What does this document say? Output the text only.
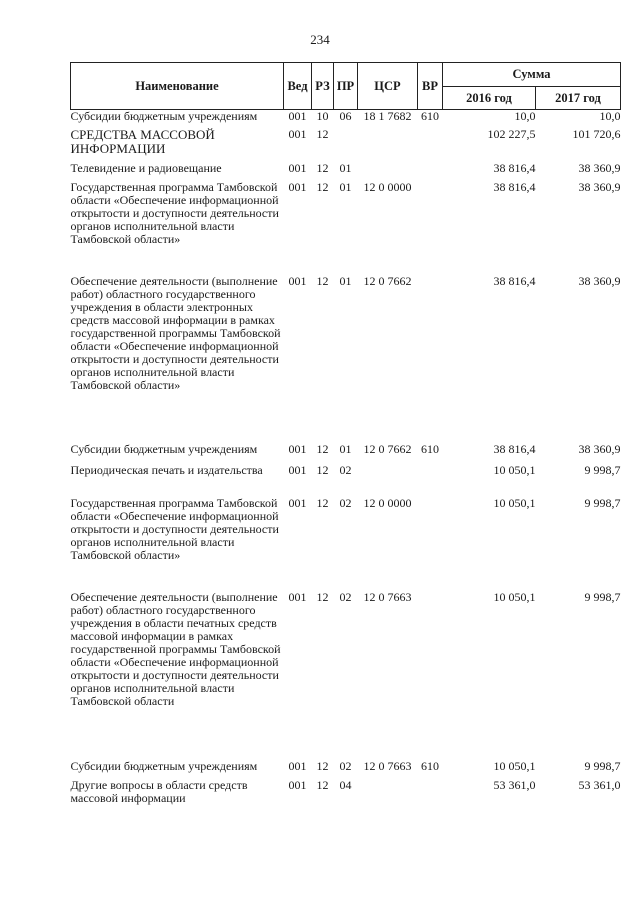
234
Наименование	Вед	РЗ	ПР	ЦСР	ВР	Сумма	
						2016 год	2017 год
Субсидии бюджетным учреждениям	001	10	06	18 1 7682	610	10,0	10,0
СРЕДСТВА МАССОВОЙ ИНФОРМАЦИИ	001	12				102 227,5	101 720,6
Телевидение и радиовещание	001	12	01			38 816,4	38 360,9
Государственная программа Тамбовской области «Обеспечение информационной открытости и доступности деятельности органов исполнительной власти Тамбовской области»	001	12	01	12 0 0000		38 816,4	38 360,9
Обеспечение деятельности (выполнение работ) областного государственного учреждения в области электронных средств массовой информации в рамках государственной программы Тамбовской области «Обеспечение информационной открытости и доступности деятельности органов исполнительной власти Тамбовской области»	001	12	01	12 0 7662		38 816,4	38 360,9
Субсидии бюджетным учреждениям	001	12	01	12 0 7662	610	38 816,4	38 360,9
Периодическая печать и издательства	001	12	02			10 050,1	9 998,7
Государственная программа Тамбовской области «Обеспечение информационной открытости и доступности деятельности органов исполнительной власти Тамбовской области»	001	12	02	12 0 0000		10 050,1	9 998,7
Обеспечение деятельности (выполнение работ) областного государственного учреждения в области печатных средств массовой информации в рамках государственной программы Тамбовской области «Обеспечение информационной открытости и доступности деятельности органов исполнительной власти Тамбовской области	001	12	02	12 0 7663		10 050,1	9 998,7
Субсидии бюджетным учреждениям	001	12	02	12 0 7663	610	10 050,1	9 998,7
Другие вопросы в области средств массовой информации	001	12	04			53 361,0	53 361,0
